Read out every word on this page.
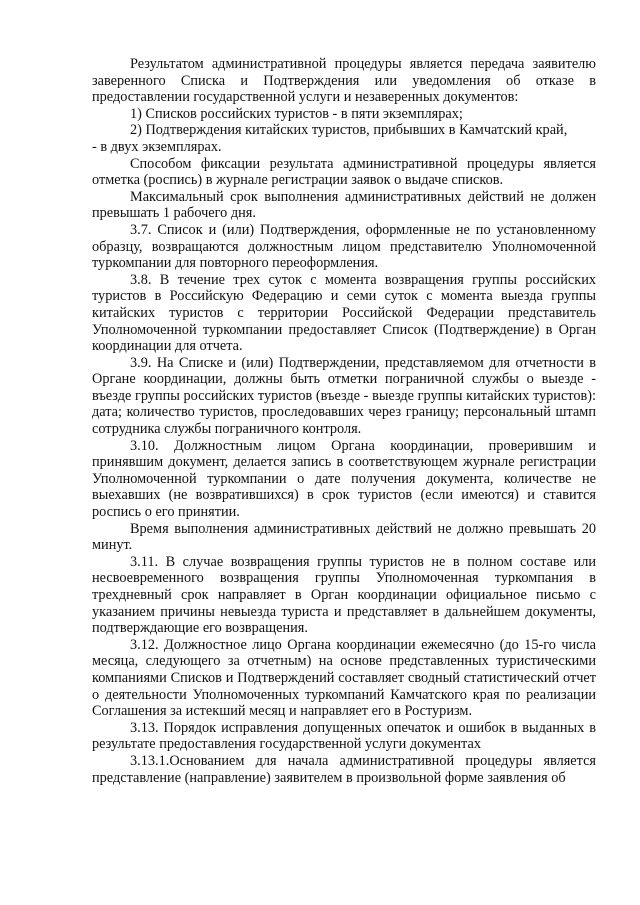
Результатом административной процедуры является передача заявителю заверенного Списка и Подтверждения или уведомления об отказе в предоставлении государственной услуги и незаверенных документов:

1) Списков российских туристов - в пяти экземплярах;

2) Подтверждения китайских туристов, прибывших в Камчатский край,

- в двух экземплярах.

Способом фиксации результата административной процедуры является отметка (роспись) в журнале регистрации заявок о выдаче списков.

Максимальный срок выполнения административных действий не должен превышать 1 рабочего дня.

3.7. Список и (или) Подтверждения, оформленные не по установленному образцу, возвращаются должностным лицом представителю Уполномоченной туркомпании для повторного переоформления.

3.8. В течение трех суток с момента возвращения группы российских туристов в Российскую Федерацию и семи суток с момента выезда группы китайских туристов с территории Российской Федерации представитель Уполномоченной туркомпании предоставляет Список (Подтверждение) в Орган координации для отчета.

3.9. На Списке и (или) Подтверждении, представляемом для отчетности в Органе координации, должны быть отметки пограничной службы о выезде - въезде группы российских туристов (въезде - выезде группы китайских туристов): дата; количество туристов, проследовавших через границу; персональный штамп сотрудника службы пограничного контроля.

3.10. Должностным лицом Органа координации, проверившим и принявшим документ, делается запись в соответствующем журнале регистрации Уполномоченной туркомпании о дате получения документа, количестве не выехавших (не возвратившихся) в срок туристов (если имеются) и ставится роспись о его принятии.

Время выполнения административных действий не должно превышать 20 минут.

3.11. В случае возвращения группы туристов не в полном составе или несвоевременного возвращения группы Уполномоченная туркомпания в трехдневный срок направляет в Орган координации официальное письмо с указанием причины невыезда туриста и представляет в дальнейшем документы, подтверждающие его возвращения.

3.12. Должностное лицо Органа координации ежемесячно (до 15-го числа месяца, следующего за отчетным) на основе представленных туристическими компаниями Списков и Подтверждений составляет сводный статистический отчет о деятельности Уполномоченных туркомпаний Камчатского края по реализации Соглашения за истекший месяц и направляет его в Ростуризм.

3.13. Порядок исправления допущенных опечаток и ошибок в выданных в результате предоставления государственной услуги документах

3.13.1.Основанием для начала административной процедуры является представление (направление) заявителем в произвольной форме заявления об
